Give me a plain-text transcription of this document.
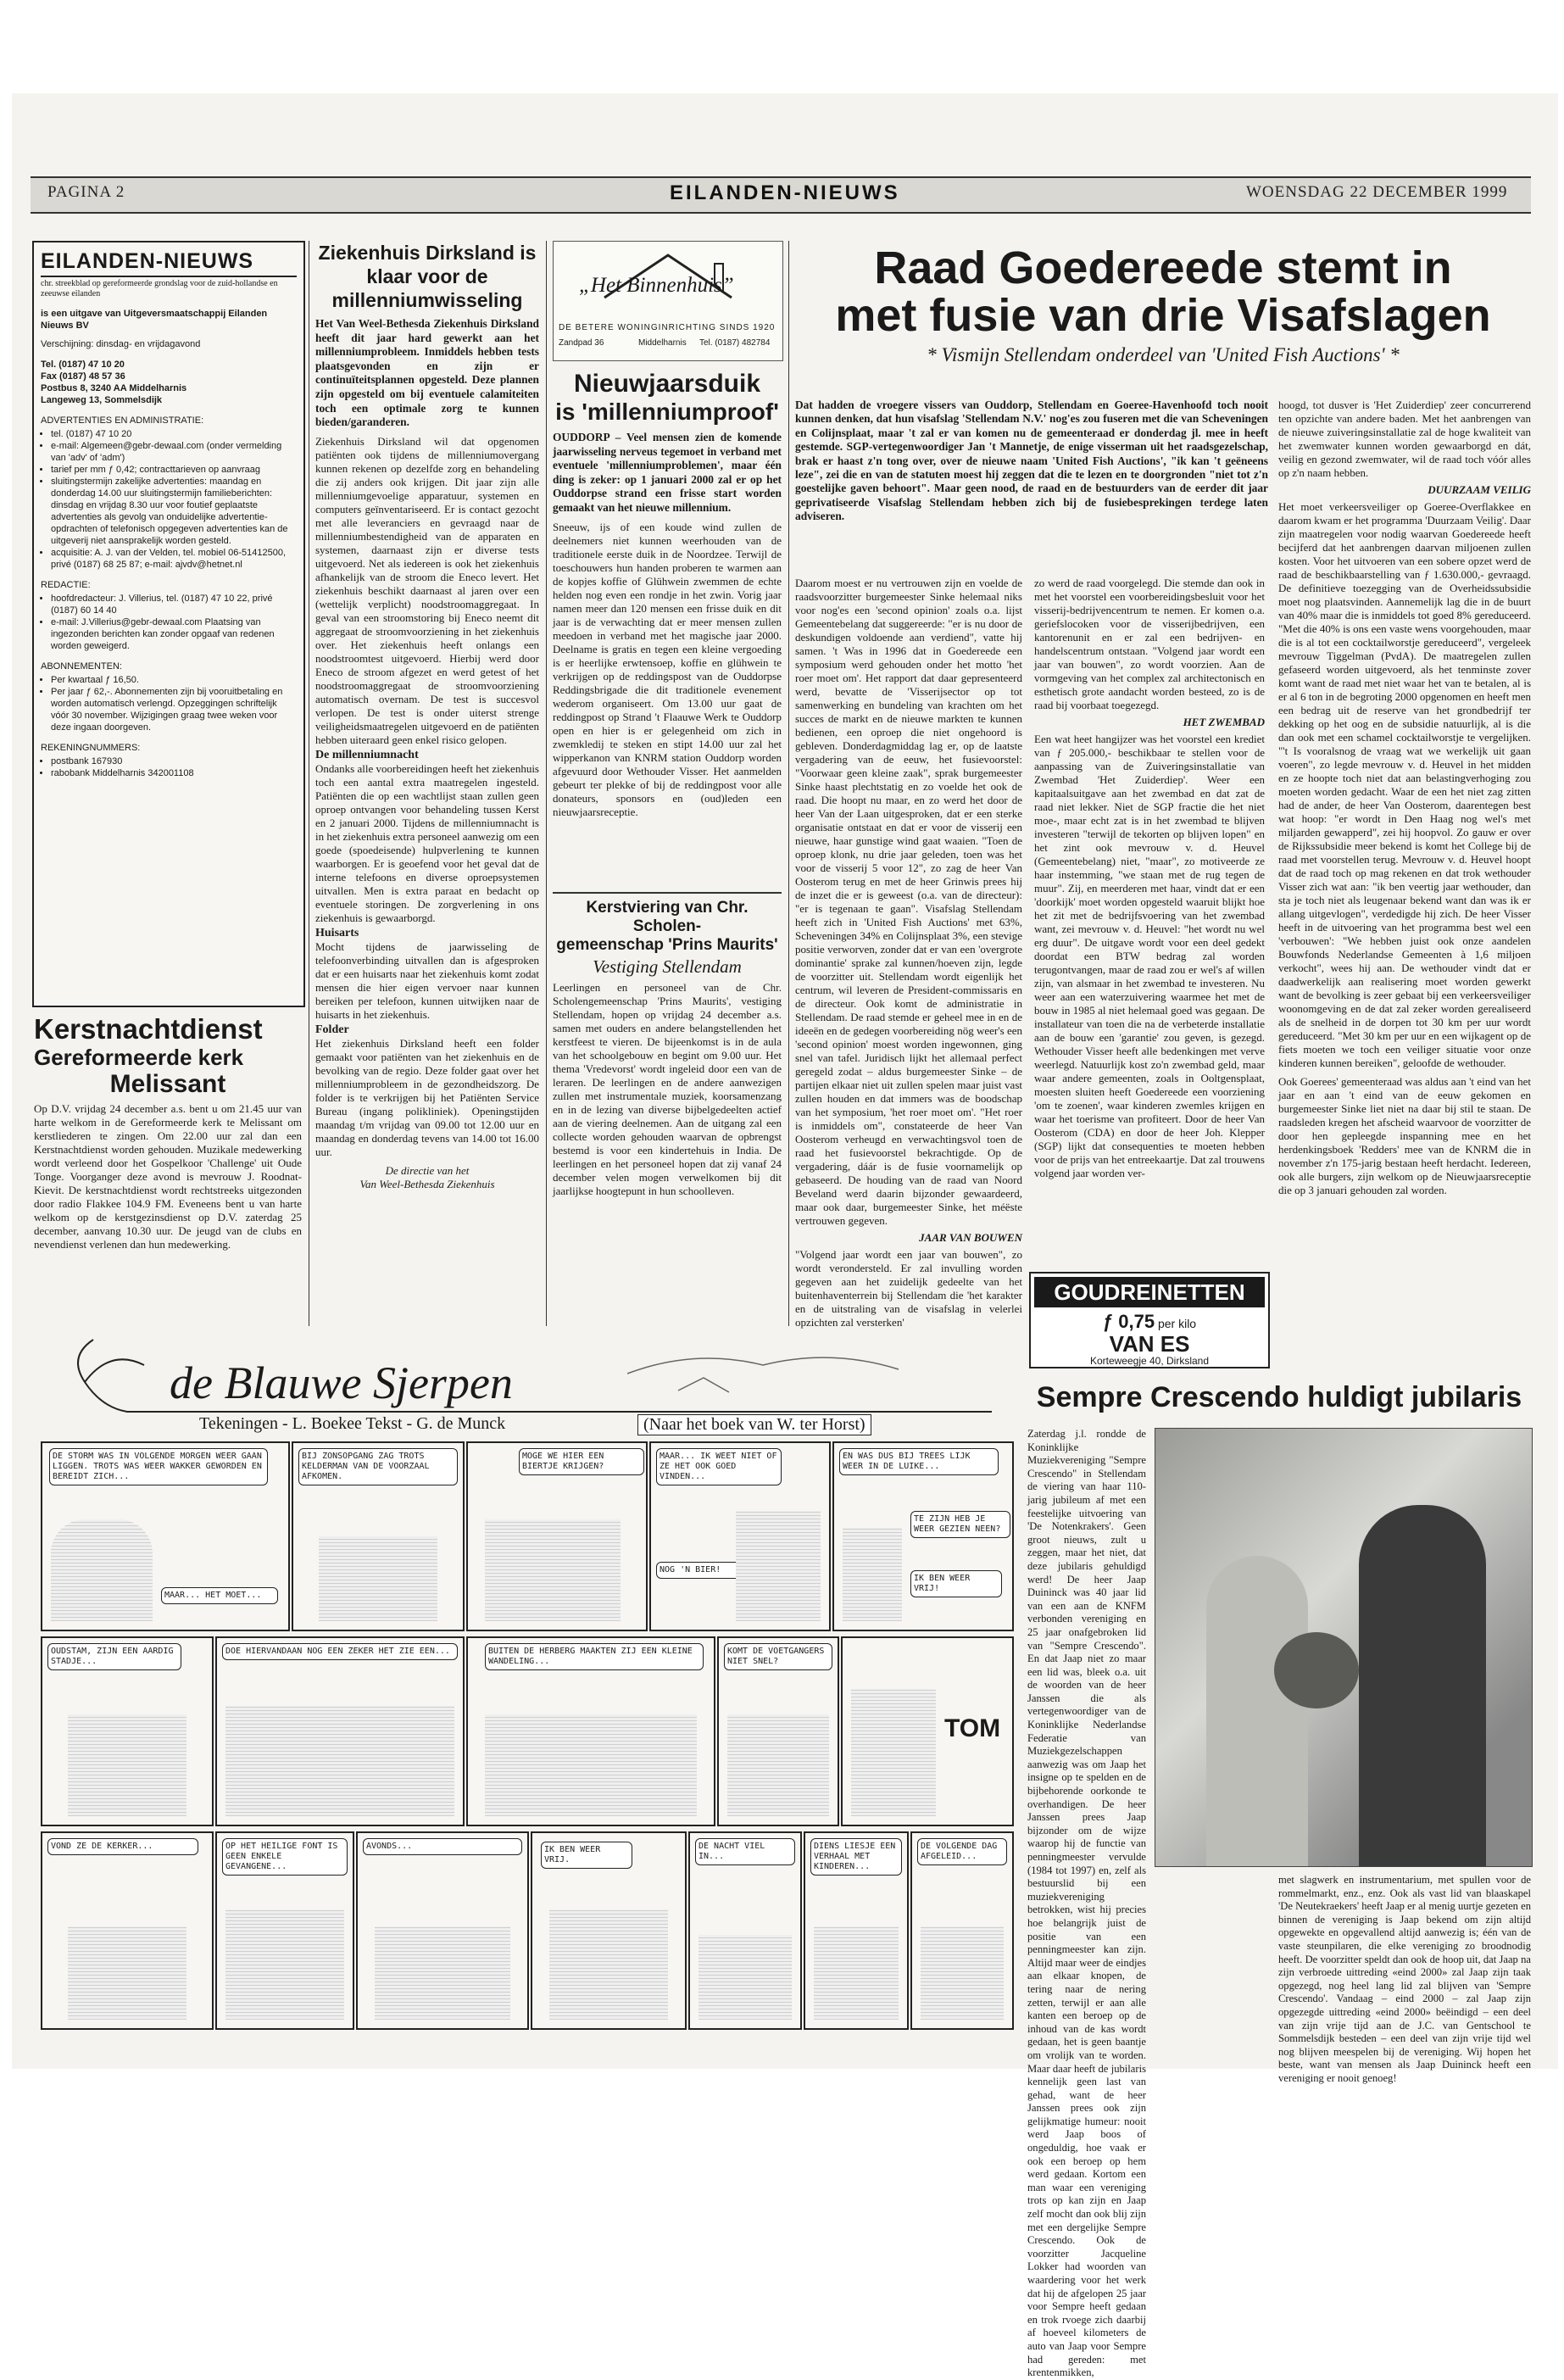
PAGINA 2	EILANDEN-NIEUWS	WOENSDAG 22 DECEMBER 1999
EILANDEN-NIEUWS
chr. streekblad op gereformeerde grondslag voor de zuid-hollandse en zeeuwse eilanden
is een uitgave van Uitgeversmaatschappij Eilanden Nieuws BV
Verschijning: dinsdag- en vrijdagavond
Tel. (0187) 47 10 20
Fax (0187) 48 57 36
Postbus 8, 3240 AA Middelharnis
Langeweg 13, Sommelsdijk
ADVERTENTIES EN ADMINISTRATIE:
• tel. (0187) 47 10 20
• e-mail: Algemeen@gebr-dewaal.com (onder vermelding van 'adv' of 'adm')
• tarief per mm ƒ 0,42; contracttarieven op aanvraag
• sluitingstermijn zakelijke advertenties: maandag en donderdag 14.00 uur sluitingstermijn familieberichten: dinsdag en vrijdag 8.30 uur voor foutief geplaatste advertenties als gevolg van onduidelijke advertentie-opdrachten of telefonisch opgegeven advertenties kan de uitgeverij niet aansprakelijk worden gesteld.
• acquisitie: A. J. van der Velden, tel. mobiel 06-51412500, privé (0187) 68 25 87; e-mail: ajvdv@hetnet.nl
REDACTIE:
• hoofdredacteur: J. Villerius, tel. (0187) 47 10 22, privé (0187) 60 14 40
• e-mail: J.Villerius@gebr-dewaal.com Plaatsing van ingezonden berichten kan zonder opgaaf van redenen worden geweigerd.
ABONNEMENTEN:
• Per kwartaal ƒ 16,50.
• Per jaar ƒ 62,-. Abonnementen zijn bij vooruitbetaling en worden automatisch verlengd. Opzeggingen schriftelijk vóór 30 november. Wijzigingen graag twee weken voor deze ingaan doorgeven.
REKENINGNUMMERS:
• postbank 167930
• rabobank Middelharnis 342001108
Kerstnachtdienst
Gereformeerde kerk
Melissant
Op D.V. vrijdag 24 december a.s. bent u om 21.45 uur van harte welkom in de Gereformeerde kerk te Melissant om kerstliederen te zingen. Om 22.00 uur zal dan een Kerstnachtdienst worden gehouden. Muzikale medewerking wordt verleend door het Gospelkoor 'Challenge' uit Oude Tonge. Voorganger deze avond is mevrouw J. Roodnat-Kievit. De kerstnachtdienst wordt rechtstreeks uitgezonden door radio Flakkee 104.9 FM. Eveneens bent u van harte welkom op de kerstgezinsdienst op D.V. zaterdag 25 december, aanvang 10.30 uur. De jeugd van de clubs en nevendienst verlenen dan hun medewerking.
Ziekenhuis Dirksland is klaar voor de millenniumwisseling
Het Van Weel-Bethesda Ziekenhuis Dirksland heeft dit jaar hard gewerkt aan het millenniumprobleem. Inmiddels hebben tests plaatsgevonden en zijn er continuïteitsplannen opgesteld. Deze plannen zijn opgesteld om bij eventuele calamiteiten toch een optimale zorg te kunnen bieden/garanderen.
Ziekenhuis Dirksland wil dat opgenomen patiënten ook tijdens de millenniumovergang kunnen rekenen op dezelfde zorg en behandeling die zij anders ook krijgen. Dit jaar zijn alle millenniumgevoelige apparatuur, systemen en computers geïnventariseerd. Er is contact gezocht met alle leveranciers en gevraagd naar de millenniumbestendigheid van de apparaten en systemen, daarnaast zijn er diverse tests uitgevoerd. Net als iedereen is ook het ziekenhuis afhankelijk van de stroom die Eneco levert. Het ziekenhuis beschikt daarnaast al jaren over een (wettelijk verplicht) noodstroomaggregaat. In geval van een stroomstoring bij Eneco neemt dit aggregaat de stroomvoorziening in het ziekenhuis over. Het ziekenhuis heeft onlangs een noodstroomtest uitgevoerd. Hierbij werd door Eneco de stroom afgezet en werd getest of het noodstroomaggregaat de stroomvoorziening automatisch overnam. De test is succesvol verlopen. De test is onder uiterst strenge veiligheidsmaatregelen uitgevoerd en de patiënten hebben uiteraard geen enkel risico gelopen.
De millenniumnacht
Ondanks alle voorbereidingen heeft het ziekenhuis toch een aantal extra maatregelen ingesteld. Patiënten die op een wachtlijst staan zullen geen oproep ontvangen voor behandeling tussen Kerst en 2 januari 2000. Tijdens de millenniumnacht is in het ziekenhuis extra personeel aanwezig om een goede (spoedeisende) hulpverlening te kunnen waarborgen. Er is geoefend voor het geval dat de interne telefoons en diverse oproepsystemen uitvallen. Men is extra paraat en bedacht op eventuele storingen. De zorgverlening in ons ziekenhuis is gewaarborgd.
Huisarts
Mocht tijdens de jaarwisseling de telefoonverbinding uitvallen dan is afgesproken dat er een huisarts naar het ziekenhuis komt zodat mensen die hier eigen vervoer naar kunnen bereiken per telefoon, kunnen uitwijken naar de huisarts in het ziekenhuis.
Folder
Het ziekenhuis Dirksland heeft een folder gemaakt voor patiënten van het ziekenhuis en de bevolking van de regio. Deze folder gaat over het millenniumprobleem in de gezondheidszorg. De folder is te verkrijgen bij het Patiënten Service Bureau (ingang polikliniek). Openingstijden maandag t/m vrijdag van 09.00 tot 12.00 uur en maandag en donderdag tevens van 14.00 tot 16.00 uur.
De directie van het
Van Weel-Bethesda Ziekenhuis
„Het Binnenhuis”
DE BETERE WONINGINRICHTING SINDS 1920
Zandpad 36	Middelharnis Tel. (0187) 482784
Nieuwjaarsduik
is 'millenniumproof'
OUDDORP – Veel mensen zien de komende jaarwisseling nerveus tegemoet in verband met eventuele 'millenniumproblemen', maar één ding is zeker: op 1 januari 2000 zal er op het Ouddorpse strand een frisse start worden gemaakt van het nieuwe millennium.
Sneeuw, ijs of een koude wind zullen de deelnemers niet kunnen weerhouden van de traditionele eerste duik in de Noordzee. Terwijl de toeschouwers hun handen proberen te warmen aan de kopjes koffie of Glühwein zwemmen de echte helden nog even een rondje in het zwin. Vorig jaar namen meer dan 120 mensen een frisse duik en dit jaar is de verwachting dat er meer mensen zullen meedoen in verband met het magische jaar 2000. Deelname is gratis en tegen een kleine vergoeding is er heerlijke erwtensoep, koffie en glühwein te verkrijgen op de reddingspost van de Ouddorpse Reddingsbrigade die dit traditionele evenement wederom organiseert. Om 13.00 uur gaat de reddingpost op Strand 't Flaauwe Werk te Ouddorp open en hier is er gelegenheid om zich in zwemkledij te steken en stipt 14.00 uur zal het wipperkanon van KNRM station Ouddorp worden afgevuurd door Wethouder Visser. Het aanmelden gebeurt ter plekke of bij de reddingpost voor alle donateurs, sponsors en (oud)leden een nieuwjaarsreceptie.
Kerstviering van Chr. Scholen-
gemeenschap 'Prins Maurits'
Vestiging Stellendam
Leerlingen en personeel van de Chr. Scholengemeenschap 'Prins Maurits', vestiging Stellendam, hopen op vrijdag 24 december a.s. samen met ouders en andere belangstellenden het kerstfeest te vieren. De bijeenkomst is in de aula van het schoolgebouw en begint om 9.00 uur. Het thema 'Vredevorst' wordt ingeleid door een van de leraren. De leerlingen en de andere aanwezigen zullen met instrumentale muziek, koorsamenzang en in de lezing van diverse bijbelgedeelten actief aan de viering deelnemen. Aan de uitgang zal een collecte worden gehouden waarvan de opbrengst bestemd is voor een kindertehuis in India. De leerlingen en het personeel hopen dat zij vanaf 24 december velen mogen verwelkomen bij dit jaarlijkse hoogtepunt in hun schoolleven.
Raad Goedereede stemt in
met fusie van drie Visafslagen
* Vismijn Stellendam onderdeel van 'United Fish Auctions' *
Dat hadden de vroegere vissers van Ouddorp, Stellendam en Goeree-Havenhoofd toch nooit kunnen denken, dat hun visafslag 'Stellendam N.V.' nog'es zou fuseren met die van Scheveningen en Colijnsplaat, maar 't zal er van komen nu de gemeenteraad er donderdag jl. mee in heeft gestemde. SGP-vertegenwoordiger Jan 't Mannetje, de enige visserman uit het raadsgezelschap, brak er haast z'n tong over, over de nieuwe naam 'United Fish Auctions', "ik kan 't geëneens leze", zei die en van de statuten moest hij zeggen dat die te lezen en te doorgronden "niet tot z'n goestelijke gaven behoort". Maar geen nood, de raad en de bestuurders van de eerder dit jaar geprivatiseerde Visafslag Stellendam hebben zich bij de fusiebesprekingen terdege laten adviseren.
Daarom moest er nu vertrouwen zijn en voelde de raadsvoorzitter burgemeester Sinke helemaal niks voor nog'es een 'second opinion' zoals o.a. lijst Gemeentebelang dat suggereerde: "er is nu door de deskundigen voldoende aan verdiend", vatte hij samen. 't Was in 1996 dat in Goedereede een symposium werd gehouden onder het motto 'het roer moet om'. Het rapport dat daar gepresenteerd werd, bevatte de 'Visserijsector op tot samenwerking en bundeling van krachten om het succes de markt en de nieuwe markten te kunnen bedienen, een oproep die niet ongehoord is gebleven. Donderdagmiddag lag er, op de laatste vergadering van de eeuw, het fusievoorstel: "Voorwaar geen kleine zaak", sprak burgemeester Sinke haast plechtstatig en zo voelde het ook de raad. Die hoopt nu maar, en zo werd het door de heer Van der Laan uitgesproken, dat er een sterke organisatie ontstaat en dat er voor de visserij een nieuwe, haar gunstige wind gaat waaien. "Toen de oproep klonk, nu drie jaar geleden, toen was het voor de visserij 5 voor 12", zo zag de heer Van Oosterom terug en met de heer Grinwis prees hij de inzet die er is geweest (o.a. van de directeur): "er is tegenaan te gaan". Visafslag Stellendam heeft zich in 'United Fish Auctions' met 63%, Scheveningen 34% en Colijnsplaat 3%, een stevige positie verworven, zonder dat er van een 'overgrote dominantie' sprake zal kunnen/hoeven zijn, legde de voorzitter uit. Stellendam wordt eigenlijk het centrum, wil leveren de President-commissaris en de directeur. Ook komt de administratie in Stellendam. De raad stemde er geheel mee in en de ideeën en de gedegen voorbereiding nög weer's een 'second opinion' moest worden ingewonnen, ging snel van tafel. Juridisch lijkt het allemaal perfect geregeld zodat – aldus burgemeester Sinke – de partijen elkaar niet uit zullen spelen maar juist vast zullen houden en dat immers was de boodschap van het symposium, 'het roer moet om'. "Het roer is inmiddels om", constateerde de heer Van Oosterom verheugd en verwachtingsvol toen de raad het fusievoorstel bekrachtigde. Op de vergadering, dáár is de fusie voornamelijk op gebaseerd. De houding van de raad van Noord Beveland werd daarin bijzonder gewaardeerd, maar ook daar, burgemeester Sinke, het méëste vertrouwen gegeven.
JAAR VAN BOUWEN
"Volgend jaar wordt een jaar van bouwen", zo wordt verondersteld. Er zal invulling worden gegeven aan het zuidelijk gedeelte van het buitenhaventerrein bij Stellendam die 'het karakter en de uitstraling van de visafslag in velerlei opzichten zal versterken'
zo werd de raad voorgelegd. Die stemde dan ook in met het voorstel een voorbereidingsbesluit voor het visserij-bedrijvencentrum te nemen. Er komen o.a. geriefslocoken voor de visserijbedrijven, een kantorenunit en er zal een bedrijven- en handelscentrum ontstaan. "Volgend jaar wordt een jaar van bouwen", zo wordt voorzien. Aan de vormgeving van het complex zal architectonisch en esthetisch grote aandacht worden besteed, zo is de raad bij voorbaat toegezegd.
HET ZWEMBAD
Een wat heet hangijzer was het voorstel een krediet van ƒ 205.000,- beschikbaar te stellen voor de aanpassing van de Zuiveringsinstallatie van Zwembad 'Het Zuiderdiep'. Weer een kapitaalsuitgave aan het zwembad en dat zat de raad niet lekker. Niet de SGP fractie die het niet moe-, maar echt zat is in het zwembad te blijven investeren "terwijl de tekorten op blijven lopen" en het zint ook mevrouw v. d. Heuvel (Gemeentebelang) niet, "maar", zo motiveerde ze haar instemming, "we staan met de rug tegen de muur". Zij, en meerderen met haar, vindt dat er een 'doorkijk' moet worden opgesteld waaruit blijkt hoe het zit met de bedrijfsvoering van het zwembad want, zei mevrouw v. d. Heuvel: "het wordt nu wel erg duur". De uitgave wordt voor een deel gedekt doordat een BTW bedrag zal worden terugontvangen, maar de raad zou er wel's af willen zijn, van alsmaar in het zwembad te investeren. Nu weer aan een waterzuivering waarmee het met de bouw in 1985 al niet helemaal goed was gegaan. De installateur van toen die na de verbeterde installatie aan de bouw een 'garantie' zou geven, is gezegd. Wethouder Visser heeft alle bedenkingen met verve weerlegd. Natuurlijk kost zo'n zwembad geld, maar waar andere gemeenten, zoals in Ooltgensplaat, moesten sluiten heeft Goedereede een voorziening 'om te zoenen', waar kinderen zwemles krijgen en waar het toerisme van profiteert. Door de heer Van Oosterom (CDA) en door de heer Joh. Klepper (SGP) lijkt dat consequenties te moeten hebben voor de prijs van het entreekaartje. Dat zal trouwens volgend jaar worden ver-
hoogd, tot dusver is 'Het Zuiderdiep' zeer concurrerend ten opzichte van andere baden. Met het aanbrengen van de nieuwe zuiveringsinstallatie zal de hoge kwaliteit van het zwemwater kunnen worden gewaarborgd en dát, veilig en gezond zwemwater, wil de raad toch vóór alles op z'n naam hebben.
DUURZAAM VEILIG
Het moet verkeersveiliger op Goeree-Overflakkee en daarom kwam er het programma 'Duurzaam Veilig'. Daar zijn maatregelen voor nodig waarvan Goedereede heeft becijferd dat het aanbrengen daarvan miljoenen zullen kosten. Voor het uitvoeren van een sobere opzet werd de raad de beschikbaarstelling van ƒ 1.630.000,- gevraagd. De definitieve toezegging van de Overheidssubsidie moet nog plaatsvinden. Aannemelijk lag die in de buurt van 40% maar die is inmiddels tot goed 8% gereduceerd. "Met die 40% is ons een vaste wens voorgehouden, maar die is al tot een cocktailworstje gereduceerd", vergeleek mevrouw Tiggelman (PvdA). De maatregelen zullen gefaseerd worden uitgevoerd, als het tenminste zover komt want de raad met niet waar het van te betalen, al is er al 6 ton in de begroting 2000 opgenomen en heeft men een bedrag uit de reserve van het grondbedrijf ter dekking op het oog en de subsidie natuurlijk, al is die dan ook met een schamel cocktailworstje te vergelijken. "'t Is vooralsnog de vraag wat we werkelijk uit gaan voeren", zo legde mevrouw v. d. Heuvel in het midden en ze hoopte toch niet dat aan belastingverhoging zou moeten worden gedacht. Waar de een het niet zag zitten had de ander, de heer Van Oosterom, daarentegen best wat hoop: "er wordt in Den Haag nog wel's met miljarden gewapperd", zei hij hoopvol. Zo gauw er over de Rijkssubsidie meer bekend is komt het College bij de raad met voorstellen terug. Mevrouw v. d. Heuvel hoopt dat de raad toch op mag rekenen en dat trok wethouder Visser zich wat aan: "ik ben veertig jaar wethouder, dan sta je toch niet als leugenaar bekend want dan was ik er allang uitgevlogen", verdedigde hij zich. De heer Visser heeft in de uitvoering van het programma best wel een 'verbouwen': "We hebben juist ook onze aandelen Bouwfonds Nederlandse Gemeenten à 1,6 miljoen verkocht", wees hij aan. De wethouder vindt dat er daadwerkelijk aan realisering moet worden gewerkt want de bevolking is zeer gebaat bij een verkeersveiliger woonomgeving en de dat zal zeker worden gerealiseerd als de snelheid in de dorpen tot 30 km per uur wordt gereduceerd. "Met 30 km per uur en een wijkagent op de fiets moeten we toch een veiliger situatie voor onze kinderen kunnen bereiken", geloofde de wethouder.
Ook Goerees' gemeenteraad was aldus aan 't eind van het jaar en aan 't eind van de eeuw gekomen en burgemeester Sinke liet niet na daar bij stil te staan. De raadsleden kregen het afscheid waarvoor de voorzitter de door hen gepleegde inspanning mee en het herdenkingsboek 'Redders' mee van de KNRM die in november z'n 175-jarig bestaan heeft herdacht. Iedereen, ook alle burgers, zijn welkom op de Nieuwjaarsreceptie die op 3 januari gehouden zal worden.
GOUDREINETTEN
ƒ 0,75 per kilo
VAN ES
Korteweegje 40, Dirksland
de Blauwe Sjerpen
Tekeningen - L. Boekee Tekst - G. de Munck	(Naar het boek van W. ter Horst)
DE STORM WAS IN VOLGENDE MORGEN WEER GAAN LIGGEN. TROTS WAS WEER WAKKER GEWORDEN EN BEREIDT ZICH...
MAAR... HET MOET...
BIJ ZONSOPGANG ZAG TROTS KELDERMAN VAN DE VOORZAAL AFKOMEN.
MOGE WE HIER EEN BIERTJE KRIJGEN?
MAAR... IK WEET NIET OF ZE HET OOK GOED VINDEN...
NOG 'N BIER!
EN WAS DUS BIJ TREES LIJK WEER IN DE LUIKE...
TE ZIJN HEB JE WEER GEZIEN NEEN?
IK BEN WEER VRIJ!
OUDSTAM, ZIJN EEN AARDIG STADJE...
DOE HIERVANDAAN NOG EEN ZEKER HET ZIE EEN...	BUITEN DE HERBERG MAAKTEN ZIJ EEN KLEINE WANDELING...
KOMT DE VOETGANGERS NIET SNEL?
TOM
VOND ZE DE KERKER...	OP HET HEILIGE FONT IS GEEN ENKELE GEVANGENE...
AVONDS...	IK BEN WEER VRIJ.
DE NACHT VIEL IN...
DIENS LIESJE EEN VERHAAL MET KINDEREN...
DE VOLGENDE DAG AFGELEID...
Sempre Crescendo huldigt jubilaris
Zaterdag j.l. rondde de Koninklijke Muziekvereniging "Sempre Crescendo" in Stellendam de viering van haar 110-jarig jubileum af met een feestelijke uitvoering van 'De Notenkrakers'. Geen groot nieuws, zult u zeggen, maar het niet, dat deze jubilaris gehuldigd werd! De heer Jaap Duininck was 40 jaar lid van een aan de KNFM verbonden vereniging en 25 jaar onafgebroken lid van "Sempre Crescendo". En dat Jaap niet zo maar een lid was, bleek o.a. uit de woorden van de heer Janssen die als vertegenwoordiger van de Koninklijke Nederlandse Federatie van Muziekgezelschappen aanwezig was om Jaap het insigne op te spelden en de bijbehorende oorkonde te overhandigen. De heer Janssen prees Jaap bijzonder om de wijze waarop hij de functie van penningmeester vervulde (1984 tot 1997) en, zelf als bestuurslid bij een muziekvereniging betrokken, wist hij precies hoe belangrijk juist de positie van een penningmeester kan zijn. Altijd maar weer de eindjes aan elkaar knopen, de tering naar de nering zetten, terwijl er aan alle kanten een beroep op de inhoud van de kas wordt gedaan, het is geen baantje om vrolijk van te worden. Maar daar heeft de jubilaris kennelijk geen last van gehad, want de heer Janssen prees ook zijn gelijkmatige humeur: nooit werd Jaap boos of ongeduldig, hoe vaak er ook een beroep op hem werd gedaan. Kortom een man waar een vereniging trots op kan zijn en Jaap zelf mocht dan ook blij zijn met een dergelijke Sempre Crescendo. Ook de voorzitter Jacqueline Lokker had woorden van waardering voor het werk dat hij de afgelopen 25 jaar voor Sempre heeft gedaan en trok rvoege zich daarbij af hoeveel kilometers de auto van Jaap voor Sempre had gereden: met krentenmikken,
met slagwerk en instrumentarium, met spullen voor de rommelmarkt, enz., enz. Ook als vast lid van blaaskapel 'De Neutekraekers' heeft Jaap er al menig uurtje gezeten en binnen de vereniging is Jaap bekend om zijn altijd opgewekte en opgevallend altijd aanwezig is; één van de vaste steunpilaren, die elke vereniging zo broodnodig heeft. De voorzitter speldt dan ook de hoop uit, dat Jaap na zijn verbroede uittreding «eind 2000» zal Jaap zijn taak opgezegd, nog heel lang lid zal blijven van 'Sempre Crescendo'. Vandaag – eind 2000 – zal Jaap zijn opgezegde uittreding «eind 2000» beëindigd – een deel van zijn vrije tijd aan de J.C. van Gentschool te Sommelsdijk besteden – een deel van zijn vrije tijd wel nog blijven meespelen bij de vereniging. Wij hopen het beste, want van mensen als Jaap Duininck heeft een vereniging er nooit genoeg!
